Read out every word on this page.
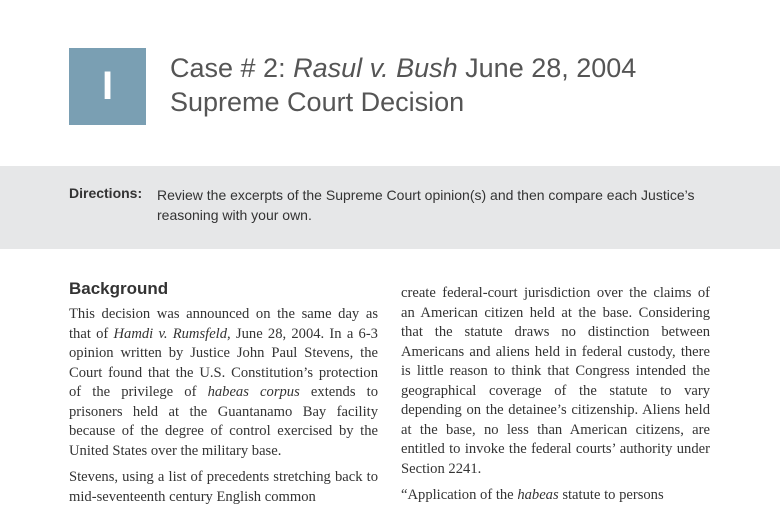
I Case # 2: Rasul v. Bush June 28, 2004
Supreme Court Decision
Directions: Review the excerpts of the Supreme Court opinion(s) and then compare each Justice’s reasoning with your own.
Background

This decision was announced on the same day as that of Hamdi v. Rumsfeld, June 28, 2004. In a 6-3 opinion written by Justice John Paul Stevens, the Court found that the U.S. Constitution’s protection of the privilege of habeas corpus extends to prisoners held at the Guantanamo Bay facility because of the degree of control exercised by the United States over the military base.

Stevens, using a list of precedents stretching back to mid-seventeenth century English common

create federal-court jurisdiction over the claims of an American citizen held at the base. Considering that the statute draws no distinction between Americans and aliens held in federal custody, there is little reason to think that Congress intended the geographical coverage of the statute to vary depending on the detainee’s citizenship. Aliens held at the base, no less than American citizens, are entitled to invoke the federal courts’ authority under Section 2241.

“Application of the habeas statute to persons
